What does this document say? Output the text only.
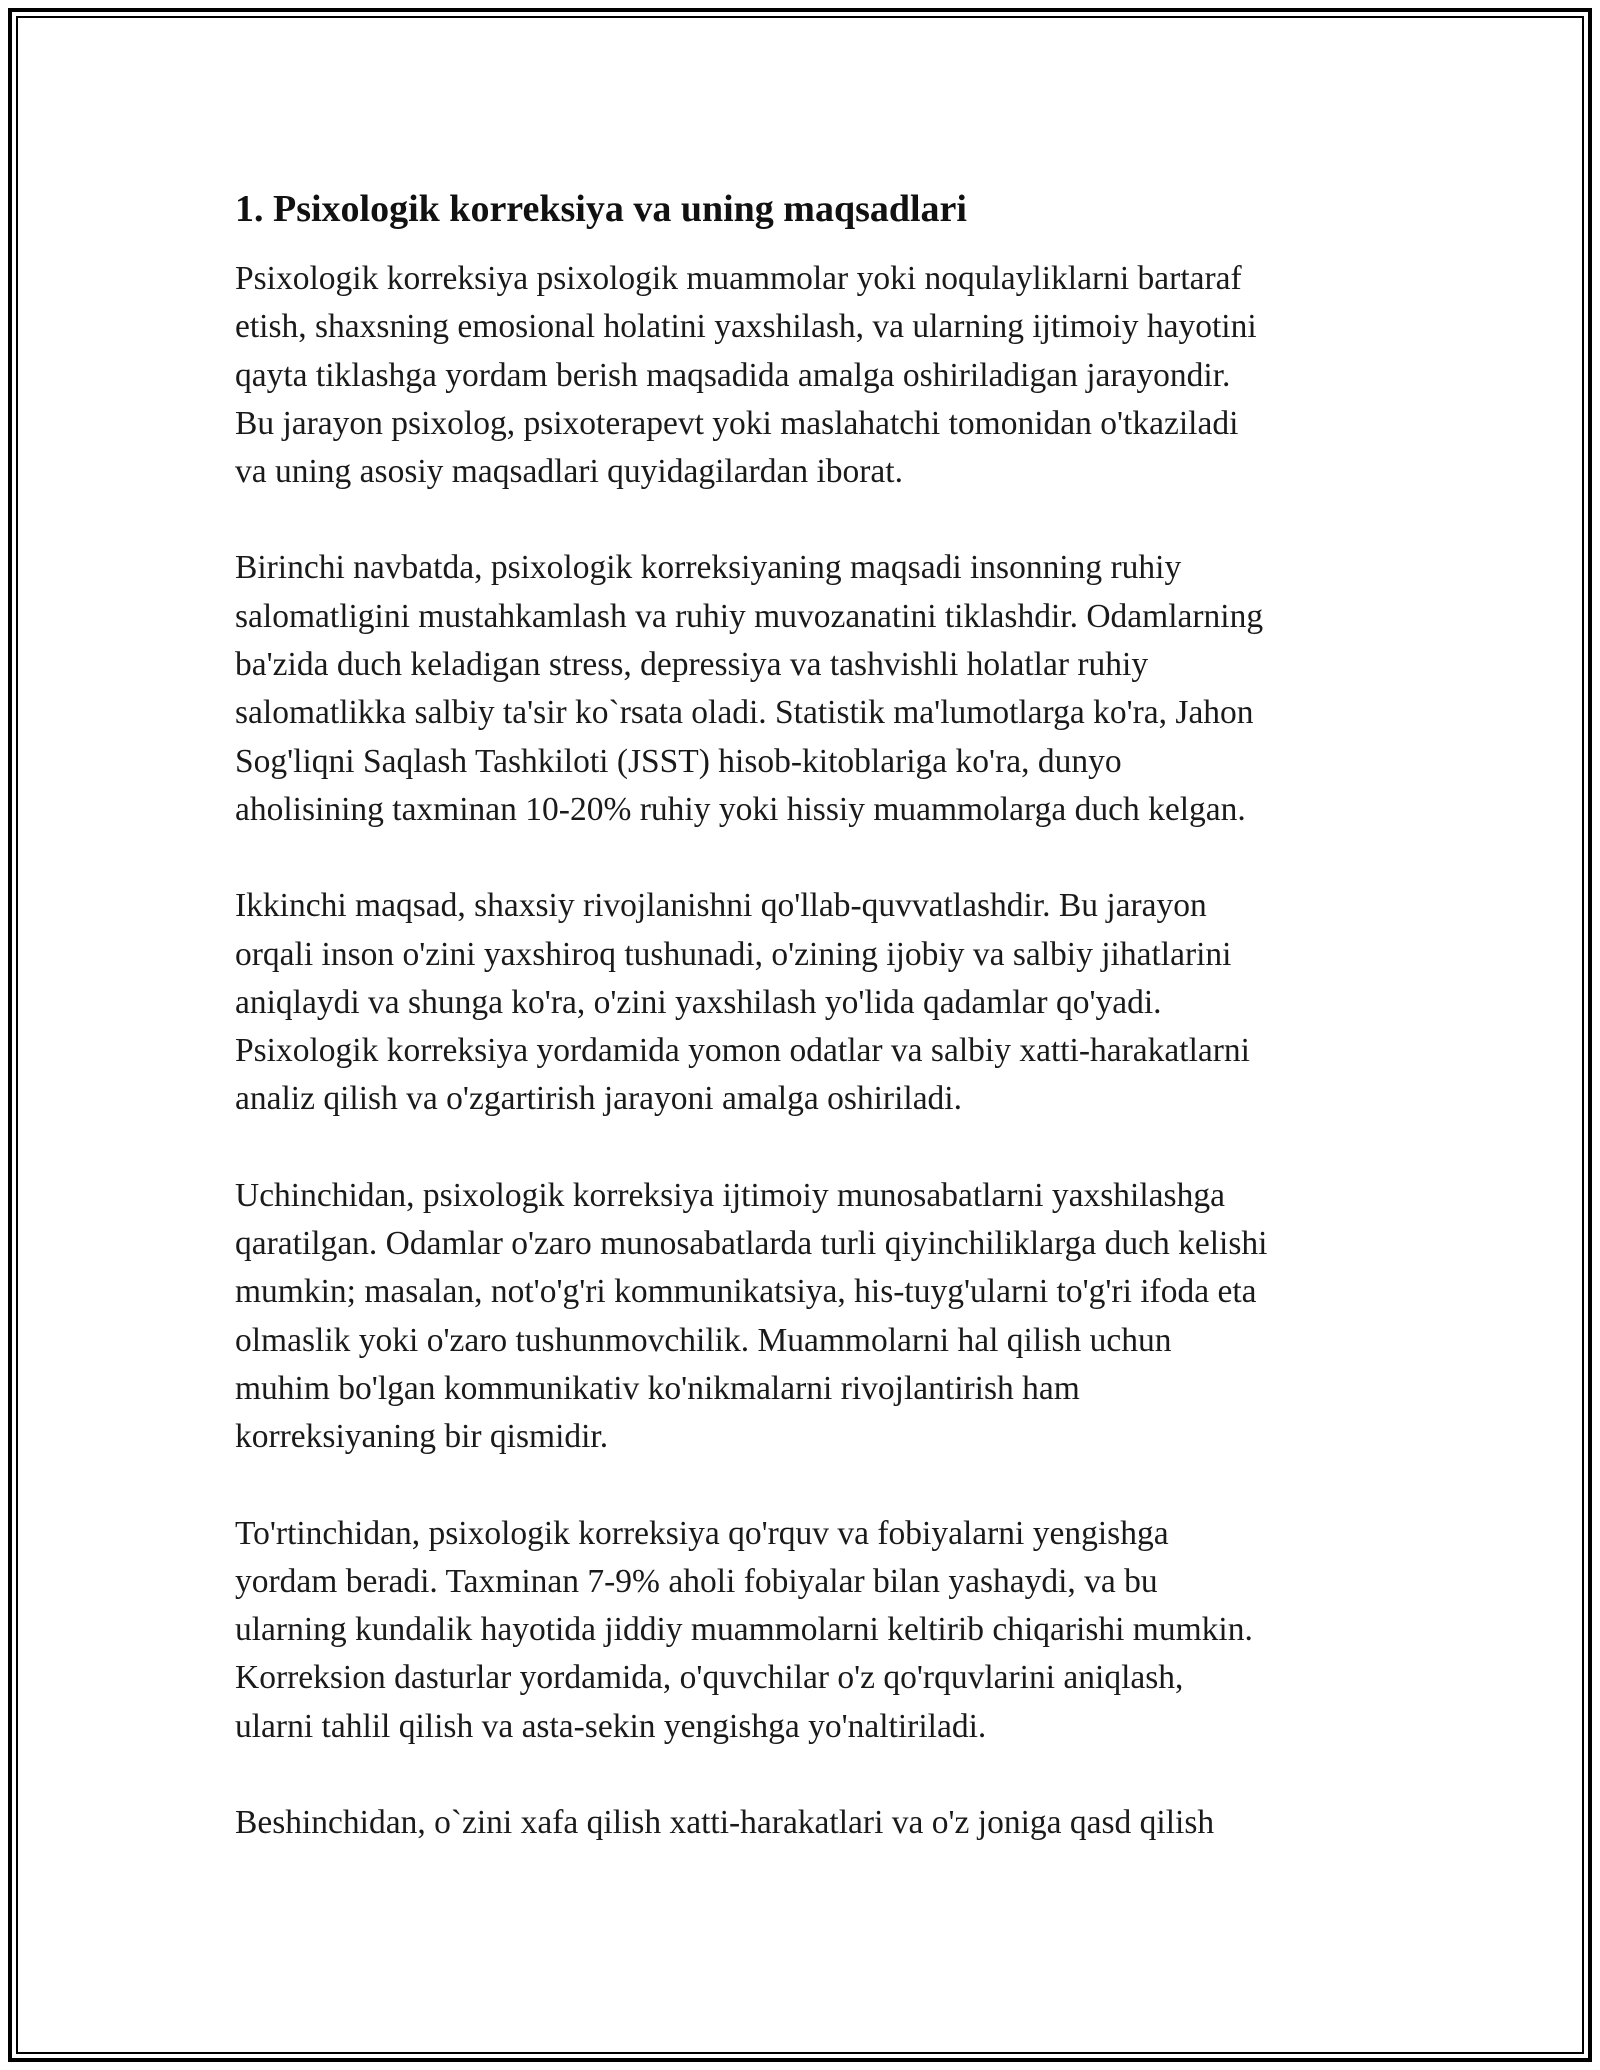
1. Psixologik korreksiya va uning maqsadlari
Psixologik korreksiya psixologik muammolar yoki noqulayliklarni bartaraf
etish, shaxsning emosional holatini yaxshilash, va ularning ijtimoiy hayotini
qayta tiklashga yordam berish maqsadida amalga oshiriladigan jarayondir.
Bu jarayon psixolog, psixoterapevt yoki maslahatchi tomonidan o'tkaziladi
va uning asosiy maqsadlari quyidagilardan iborat.
Birinchi navbatda, psixologik korreksiyaning maqsadi insonning ruhiy
salomatligini mustahkamlash va ruhiy muvozanatini tiklashdir. Odamlarning
ba'zida duch keladigan stress, depressiya va tashvishli holatlar ruhiy
salomatlikka salbiy ta'sir ko`rsata oladi. Statistik ma'lumotlarga ko'ra, Jahon
Sog'liqni Saqlash Tashkiloti (JSST) hisob-kitoblariga ko'ra, dunyo
aholisining taxminan 10-20% ruhiy yoki hissiy muammolarga duch kelgan.
Ikkinchi maqsad, shaxsiy rivojlanishni qo'llab-quvvatlashdir. Bu jarayon
orqali inson o'zini yaxshiroq tushunadi, o'zining ijobiy va salbiy jihatlarini
aniqlaydi va shunga ko'ra, o'zini yaxshilash yo'lida qadamlar qo'yadi.
Psixologik korreksiya yordamida yomon odatlar va salbiy xatti-harakatlarni
analiz qilish va o'zgartirish jarayoni amalga oshiriladi.
Uchinchidan, psixologik korreksiya ijtimoiy munosabatlarni yaxshilashga
qaratilgan. Odamlar o'zaro munosabatlarda turli qiyinchiliklarga duch kelishi
mumkin; masalan, not'o'g'ri kommunikatsiya, his-tuyg'ularni to'g'ri ifoda eta
olmaslik yoki o'zaro tushunmovchilik. Muammolarni hal qilish uchun
muhim bo'lgan kommunikativ ko'nikmalarni rivojlantirish ham
korreksiyaning bir qismidir.
To'rtinchidan, psixologik korreksiya qo'rquv va fobiyalarni yengishga
yordam beradi. Taxminan 7-9% aholi fobiyalar bilan yashaydi, va bu
ularning kundalik hayotida jiddiy muammolarni keltirib chiqarishi mumkin.
Korreksion dasturlar yordamida, o'quvchilar o'z qo'rquvlarini aniqlash,
ularni tahlil qilish va asta-sekin yengishga yo'naltiriladi.
Beshinchidan, o`zini xafa qilish xatti-harakatlari va o'z joniga qasd qilish
